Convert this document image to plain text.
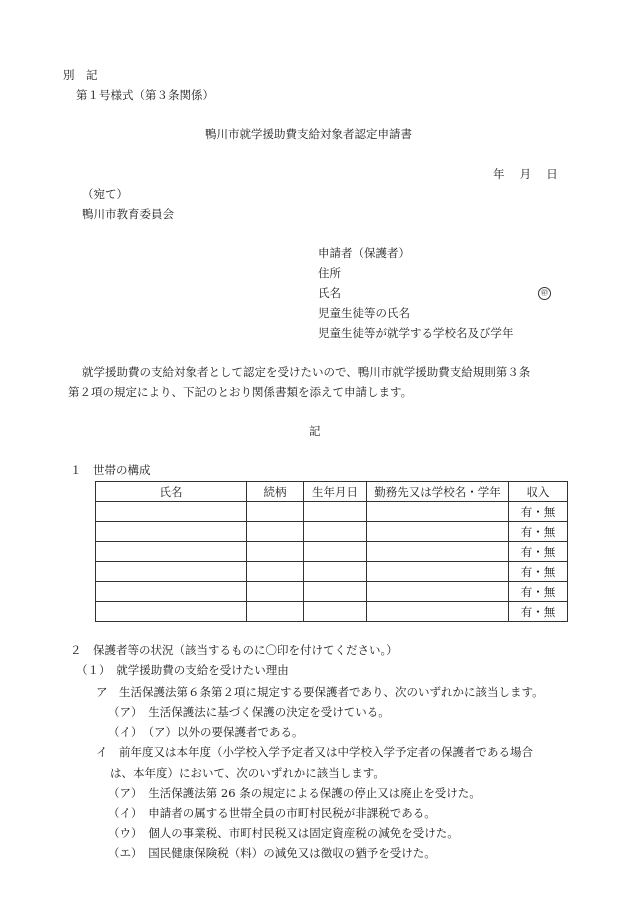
別　記
第１号様式（第３条関係）
鴨川市就学援助費支給対象者認定申請書
年　 月　 日
（宛て）
鴨川市教育委員会
申請者（保護者）
住所
氏名	㊞
児童生徒等の氏名
児童生徒等が就学する学校名及び学年
就学援助費の支給対象者として認定を受けたいので、鴨川市就学援助費支給規則第３条
第２項の規定により、下記のとおり関係書類を添えて申請します。
記
１　世帯の構成
氏名	続柄	生年月日	勤務先又は学校名・学年	収入
				有・無
				有・無
				有・無
				有・無
				有・無
				有・無
２　保護者等の状況（該当するものに〇印を付けてください。）
（１）　就学援助費の支給を受けたい理由
ア　生活保護法第６条第２項に規定する要保護者であり、次のいずれかに該当します。
（ア）　生活保護法に基づく保護の決定を受けている。
（イ）　（ア）以外の要保護者である。
イ　前年度又は本年度（小学校入学予定者又は中学校入学予定者の保護者である場合
は、本年度）において、次のいずれかに該当します。
（ア）　生活保護法第 26 条の規定による保護の停止又は廃止を受けた。
（イ）　申請者の属する世帯全員の市町村民税が非課税である。
（ウ）　個人の事業税、市町村民税又は固定資産税の減免を受けた。
（エ）　国民健康保険税（料）の減免又は徴収の猶予を受けた。
